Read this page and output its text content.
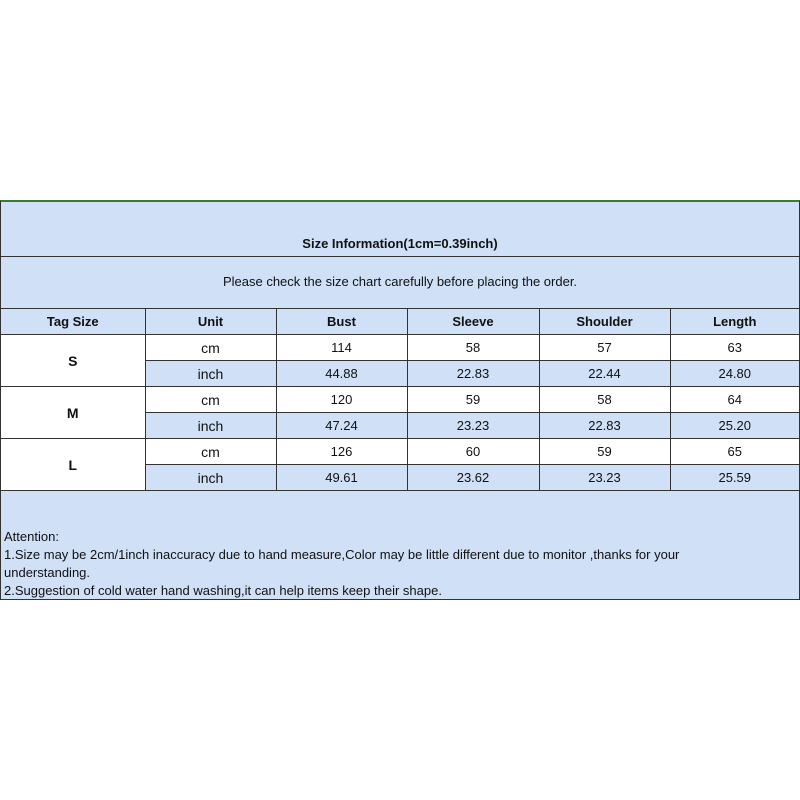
Size Information(1cm=0.39inch)
Please check the size chart carefully before placing the order.
Tag Size	Unit	Bust	Sleeve	Shoulder	Length
S	cm	114	58	57	63
	inch	44.88	22.83	22.44	24.80
M	cm	120	59	58	64
	inch	47.24	23.23	22.83	25.20
L	cm	126	60	59	65
	inch	49.61	23.62	23.23	25.59
Attention:
1.Size may be 2cm/1inch inaccuracy due to hand measure,Color may be little different due to monitor ,thanks for your
understanding.
2.Suggestion of cold water hand washing,it can help items keep their shape.
